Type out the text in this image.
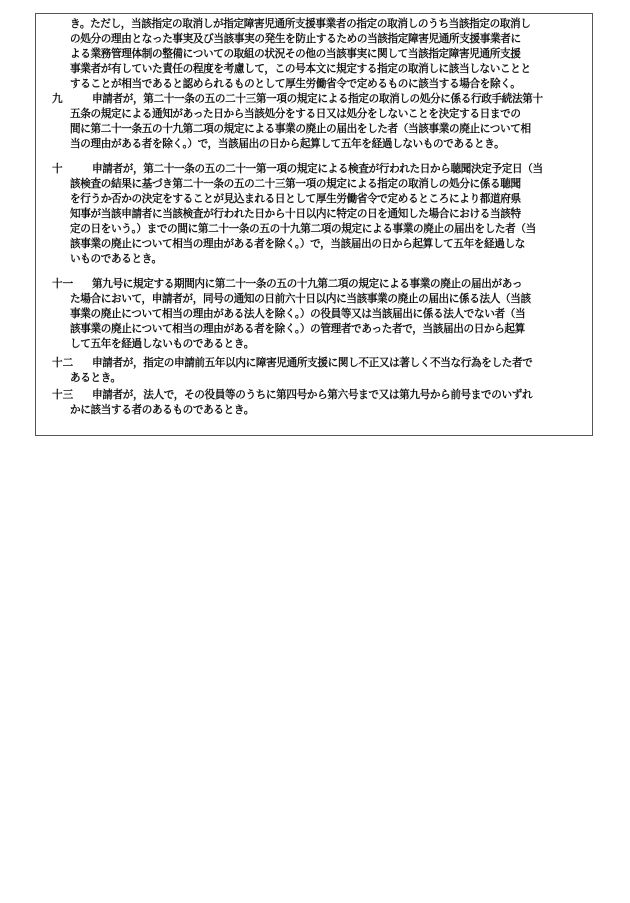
き。ただし，当該指定の取消しが指定障害児通所支援事業者の指定の取消しのうち当該指定の取消し
の処分の理由となった事実及び当該事実の発生を防止するための当該指定障害児通所支援事業者に
よる業務管理体制の整備についての取組の状況その他の当該事実に関して当該指定障害児通所支援
事業者が有していた責任の程度を考慮して，この号本文に規定する指定の取消しに該当しないことと
することが相当であると認められるものとして厚生労働省令で定めるものに該当する場合を除く。
九	申請者が，第二十一条の五の二十三第一項の規定による指定の取消しの処分に係る行政手続法第十
五条の規定による通知があった日から当該処分をする日又は処分をしないことを決定する日までの
間に第二十一条五の十九第二項の規定による事業の廃止の届出をした者（当該事業の廃止について相
当の理由がある者を除く。）で，当該届出の日から起算して五年を経過しないものであるとき。
十	申請者が，第二十一条の五の二十一第一項の規定による検査が行われた日から聴聞決定予定日（当
該検査の結果に基づき第二十一条の五の二十三第一項の規定による指定の取消しの処分に係る聴聞
を行うか否かの決定をすることが見込まれる日として厚生労働省令で定めるところにより都道府県
知事が当該申請者に当該検査が行われた日から十日以内に特定の日を通知した場合における当該特
定の日をいう。）までの間に第二十一条の五の十九第二項の規定による事業の廃止の届出をした者（当
該事業の廃止について相当の理由がある者を除く。）で，当該届出の日から起算して五年を経過しな
いものであるとき。
十一 第九号に規定する期間内に第二十一条の五の十九第二項の規定による事業の廃止の届出があっ
た場合において，申請者が，同号の通知の日前六十日以内に当該事業の廃止の届出に係る法人（当該
事業の廃止について相当の理由がある法人を除く。）の役員等又は当該届出に係る法人でない者（当
該事業の廃止について相当の理由がある者を除く。）の管理者であった者で，当該届出の日から起算
して五年を経過しないものであるとき。
十二 申請者が，指定の申請前五年以内に障害児通所支援に関し不正又は著しく不当な行為をした者で
あるとき。
十三 申請者が，法人で，その役員等のうちに第四号から第六号まで又は第九号から前号までのいずれ
かに該当する者のあるものであるとき。
